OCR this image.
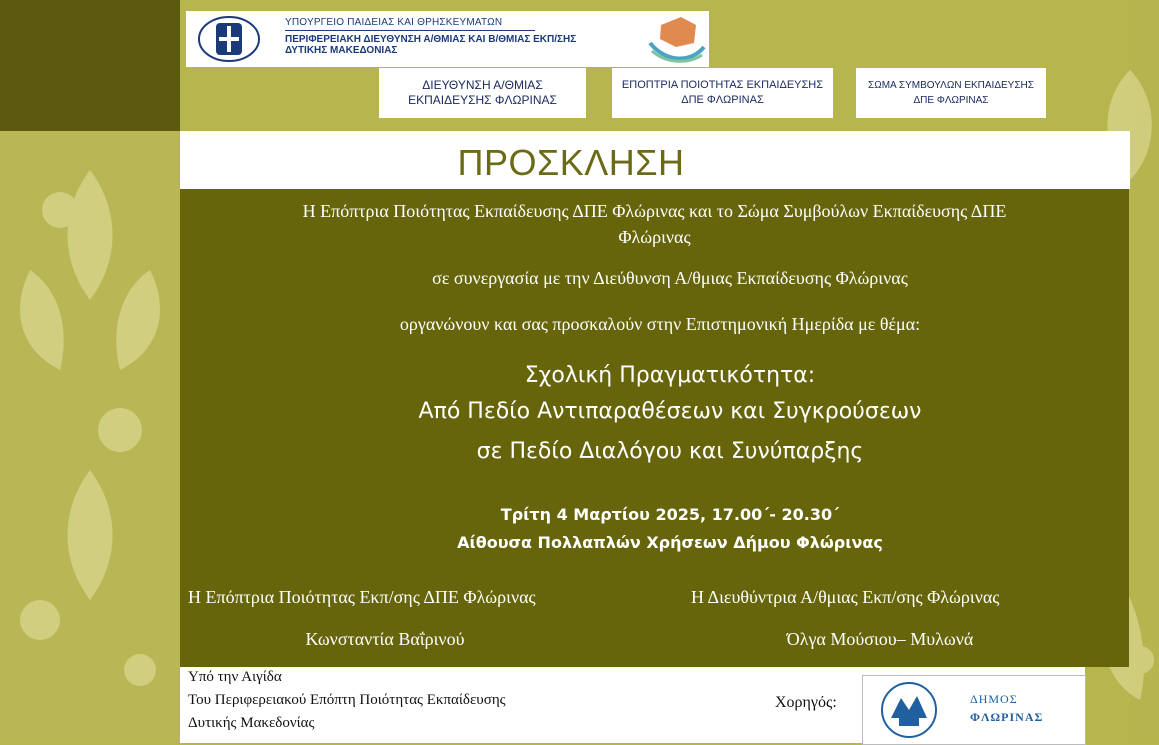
ΥΠΟΥΡΓΕΙΟ ΠΑΙΔΕΙΑΣ ΚΑΙ ΘΡΗΣΚΕΥΜΑΤΩΝ
ΠΕΡΙΦΕΡΕΙΑΚΗ ΔΙΕΥΘΥΝΣΗ Α/ΘΜΙΑΣ ΚΑΙ Β/ΘΜΙΑΣ ΕΚΠ/ΣΗΣ
ΔΥΤΙΚΗΣ ΜΑΚΕΔΟΝΙΑΣ
ΔΙΕΥΘΥΝΣΗ Α/ΘΜΙΑΣ
ΕΚΠΑΙΔΕΥΣΗΣ ΦΛΩΡΙΝΑΣ
ΕΠΟΠΤΡΙΑ ΠΟΙΟΤΗΤΑΣ ΕΚΠΑΙΔΕΥΣΗΣ
ΔΠΕ ΦΛΩΡΙΝΑΣ
ΣΩΜΑ ΣΥΜΒΟΥΛΩΝ ΕΚΠΑΙΔΕΥΣΗΣ
ΔΠΕ ΦΛΩΡΙΝΑΣ
ΠΡΟΣΚΛΗΣΗ
Η Επόπτρια Ποιότητας Εκπαίδευσης ΔΠΕ Φλώρινας και το Σώμα Συμβούλων Εκπαίδευσης ΔΠΕ
Φλώρινας
σε συνεργασία με την Διεύθυνση Α/θμιας Εκπαίδευσης Φλώρινας
οργανώνουν και σας προσκαλούν στην Επιστημονική Ημερίδα με θέμα:
Σχολική Πραγματικότητα:
Από Πεδίο Αντιπαραθέσεων και Συγκρούσεων
σε Πεδίο Διαλόγου και Συνύπαρξης
Τρίτη 4 Μαρτίου 2025, 17.00΄- 20.30΄
Αίθουσα Πολλαπλών Χρήσεων Δήμου Φλώρινας
Η Επόπτρια Ποιότητας Εκπ/σης ΔΠΕ Φλώρινας
Κωνσταντία Βαΐρινού
Η Διευθύντρια Α/θμιας Εκπ/σης Φλώρινας
Όλγα Μούσιου– Μυλωνά
Υπό την Αιγίδα
Του Περιφερειακού Επόπτη Ποιότητας Εκπαίδευσης
Δυτικής Μακεδονίας
Χορηγός:	ΔΗΜΟΣ
ΦΛΩΡΙΝΑΣ
